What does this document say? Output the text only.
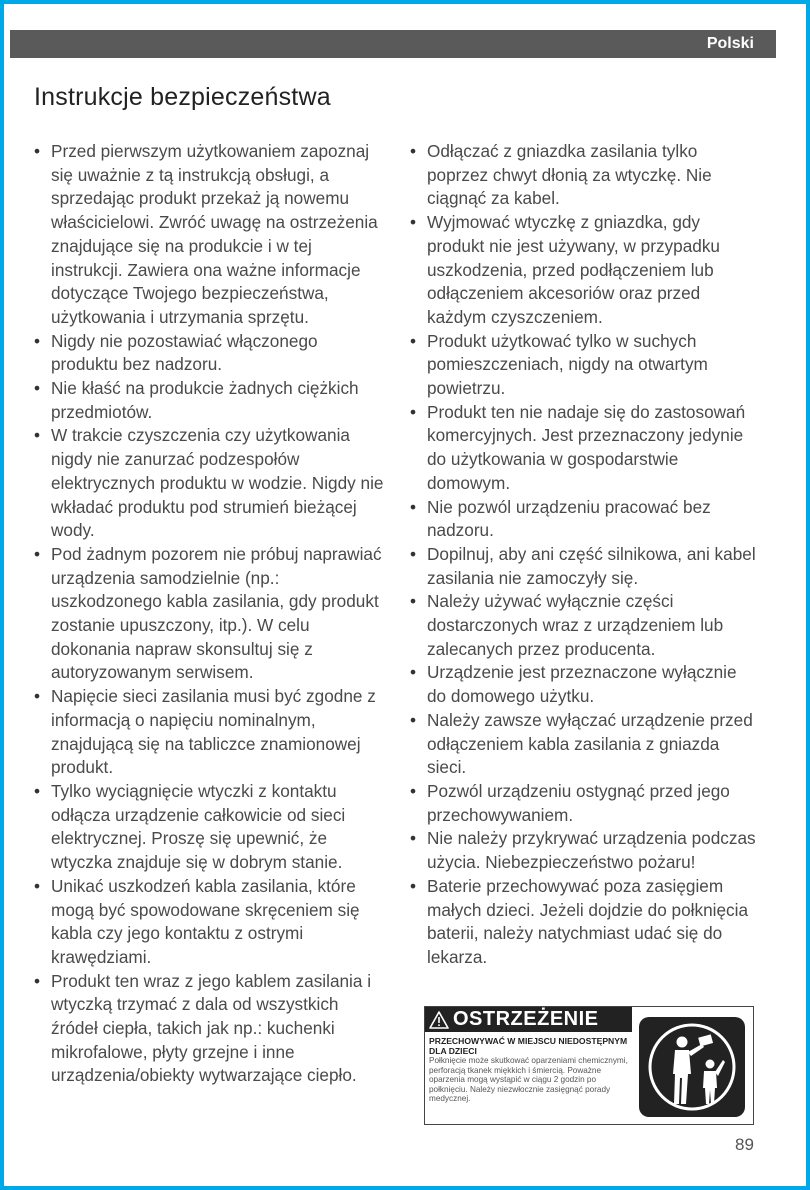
Polski
Instrukcje bezpieczeństwa
• Przed pierwszym użytkowaniem zapoznaj się uważnie z tą instrukcją obsługi, a sprzedając produkt przekaż ją nowemu właścicielowi. Zwróć uwagę na ostrzeżenia znajdujące się na produkcie i w tej instrukcji. Zawiera ona ważne informacje dotyczące Twojego bezpieczeństwa, użytkowania i utrzymania sprzętu.
• Nigdy nie pozostawiać włączonego produktu bez nadzoru.
• Nie kłaść na produkcie żadnych ciężkich przedmiotów.
• W trakcie czyszczenia czy użytkowania nigdy nie zanurzać podzespołów elektrycznych produktu w wodzie. Nigdy nie wkładać produktu pod strumień bieżącej wody.
• Pod żadnym pozorem nie próbuj naprawiać urządzenia samodzielnie (np.: uszkodzonego kabla zasilania, gdy produkt zostanie upuszczony, itp.). W celu dokonania napraw skonsultuj się z autoryzowanym serwisem.
• Napięcie sieci zasilania musi być zgodne z informacją o napięciu nominalnym, znajdującą się na tabliczce znamionowej produkt.
• Tylko wyciągnięcie wtyczki z kontaktu odłącza urządzenie całkowicie od sieci elektrycznej. Proszę się upewnić, że wtyczka znajduje się w dobrym stanie.
• Unikać uszkodzeń kabla zasilania, które mogą być spowodowane skręceniem się kabla czy jego kontaktu z ostrymi krawędziami.
• Produkt ten wraz z jego kablem zasilania i wtyczką trzymać z dala od wszystkich źródeł ciepła, takich jak np.: kuchenki mikrofalowe, płyty grzejne i inne urządzenia/obiekty wytwarzające ciepło.
• Odłączać z gniazdka zasilania tylko poprzez chwyt dłonią za wtyczkę. Nie ciągnąć za kabel.
• Wyjmować wtyczkę z gniazdka, gdy produkt nie jest używany, w przypadku uszkodzenia, przed podłączeniem lub odłączeniem akcesoriów oraz przed każdym czyszczeniem.
• Produkt użytkować tylko w suchych pomieszczeniach, nigdy na otwartym powietrzu.
• Produkt ten nie nadaje się do zastosowań komercyjnych. Jest przeznaczony jedynie do użytkowania w gospodarstwie domowym.
• Nie pozwól urządzeniu pracować bez nadzoru.
• Dopilnuj, aby ani część silnikowa, ani kabel zasilania nie zamoczyły się.
• Należy używać wyłącznie części dostarczonych wraz z urządzeniem lub zalecanych przez producenta.
• Urządzenie jest przeznaczone wyłącznie do domowego użytku.
• Należy zawsze wyłączać urządzenie przed odłączeniem kabla zasilania z gniazda sieci.
• Pozwól urządzeniu ostygnąć przed jego przechowywaniem.
• Nie należy przykrywać urządzenia podczas użycia. Niebezpieczeństwo pożaru!
• Baterie przechowywać poza zasięgiem małych dzieci. Jeżeli dojdzie do połknięcia baterii, należy natychmiast udać się do lekarza.
OSTRZEŻENIE
PRZECHOWYWAĆ W MIEJSCU NIEDOSTĘPNYM DLA DZIECI
Połknięcie może skutkować oparzeniami chemicznymi, perforacją tkanek miękkich i śmiercią. Poważne oparzenia mogą wystąpić w ciągu 2 godzin po połknięciu. Należy niezwłocznie zasięgnąć porady medycznej.
89
